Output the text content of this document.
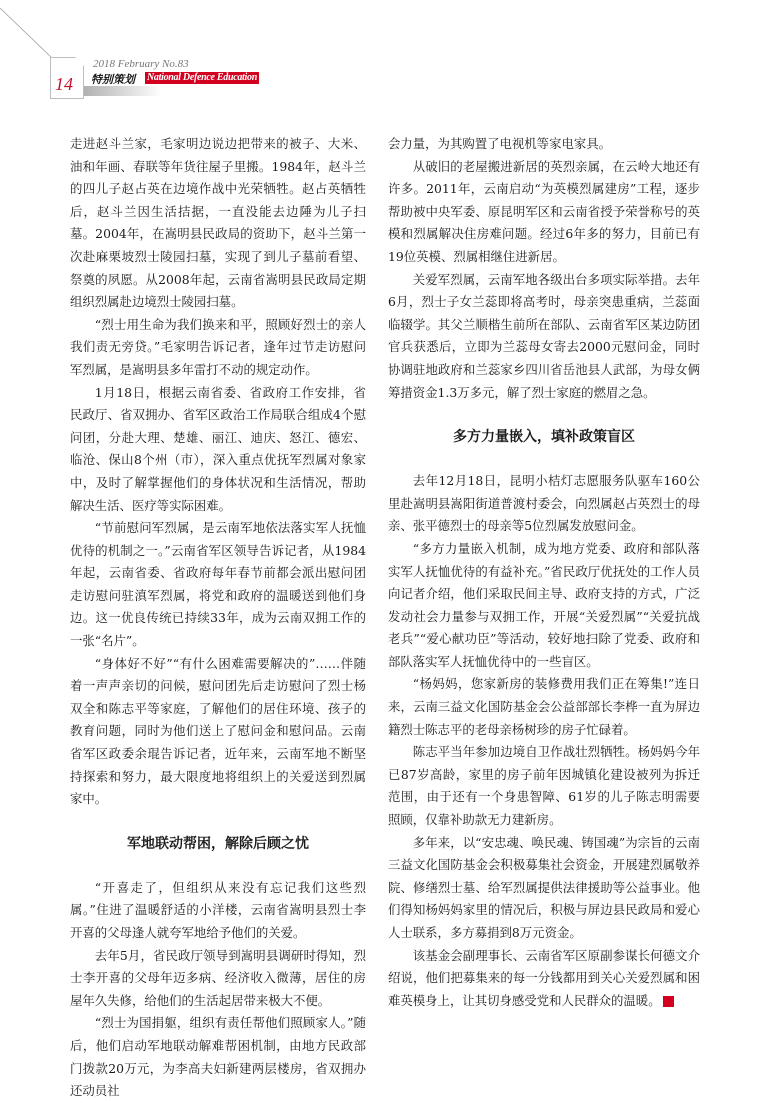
14
2018 February No.83
特别策划 National Defence Education

走进赵斗兰家，毛家明边说边把带来的被子、大米、油和年画、春联等年货往屋子里搬。1984年，赵斗兰的四儿子赵占英在边境作战中光荣牺牲。赵占英牺牲后，赵斗兰因生活拮据，一直没能去边陲为儿子扫墓。2004年，在嵩明县民政局的资助下，赵斗兰第一次赴麻栗坡烈士陵园扫墓，实现了到儿子墓前看望、祭奠的夙愿。从2008年起，云南省嵩明县民政局定期组织烈属赴边境烈士陵园扫墓。

“烈士用生命为我们换来和平，照顾好烈士的亲人我们责无旁贷。”毛家明告诉记者，逢年过节走访慰问军烈属，是嵩明县多年雷打不动的规定动作。

1月18日，根据云南省委、省政府工作安排，省民政厅、省双拥办、省军区政治工作局联合组成4个慰问团，分赴大理、楚雄、丽江、迪庆、怒江、德宏、临沧、保山8个州（市），深入重点优抚军烈属对象家中，及时了解掌握他们的身体状况和生活情况，帮助解决生活、医疗等实际困难。

“节前慰问军烈属，是云南军地依法落实军人抚恤优待的机制之一。”云南省军区领导告诉记者，从1984年起，云南省委、省政府每年春节前都会派出慰问团走访慰问驻滇军烈属，将党和政府的温暖送到他们身边。这一优良传统已持续33年，成为云南双拥工作的一张“名片”。

“身体好不好”“有什么困难需要解决的”……伴随着一声声亲切的问候，慰问团先后走访慰问了烈士杨双全和陈志平等家庭，了解他们的居住环境、孩子的教育问题，同时为他们送上了慰问金和慰问品。云南省军区政委余琨告诉记者，近年来，云南军地不断坚持探索和努力，最大限度地将组织上的关爱送到烈属家中。

军地联动帮困，解除后顾之忧

“开喜走了，但组织从来没有忘记我们这些烈属。”住进了温暖舒适的小洋楼，云南省嵩明县烈士李开喜的父母逢人就夸军地给予他们的关爱。

去年5月，省民政厅领导到嵩明县调研时得知，烈士李开喜的父母年迈多病、经济收入微薄，居住的房屋年久失修，给他们的生活起居带来极大不便。

“烈士为国捐躯，组织有责任帮他们照顾家人。”随后，他们启动军地联动解难帮困机制，由地方民政部门拨款20万元，为李高夫妇新建两层楼房，省双拥办还动员社

会力量，为其购置了电视机等家电家具。

从破旧的老屋搬进新居的英烈亲属，在云岭大地还有许多。2011年，云南启动“为英模烈属建房”工程，逐步帮助被中央军委、原昆明军区和云南省授予荣誉称号的英模和烈属解决住房难问题。经过6年多的努力，目前已有19位英模、烈属相继住进新居。

关爱军烈属，云南军地各级出台多项实际举措。去年6月，烈士子女兰蕊即将高考时，母亲突患重病，兰蕊面临辍学。其父兰顺楷生前所在部队、云南省军区某边防团官兵获悉后，立即为兰蕊母女寄去2000元慰问金，同时协调驻地政府和兰蕊家乡四川省岳池县人武部，为母女俩筹措资金1.3万多元，解了烈士家庭的燃眉之急。

多方力量嵌入，填补政策盲区

去年12月18日，昆明小桔灯志愿服务队驱车160公里赴嵩明县嵩阳街道普渡村委会，向烈属赵占英烈士的母亲、张平德烈士的母亲等5位烈属发放慰问金。

“多方力量嵌入机制，成为地方党委、政府和部队落实军人抚恤优待的有益补充。”省民政厅优抚处的工作人员向记者介绍，他们采取民间主导、政府支持的方式，广泛发动社会力量参与双拥工作，开展“关爱烈属”“关爱抗战老兵”“爱心献功臣”等活动，较好地扫除了党委、政府和部队落实军人抚恤优待中的一些盲区。

“杨妈妈，您家新房的装修费用我们正在筹集!”连日来，云南三益文化国防基金会公益部部长李桦一直为屏边籍烈士陈志平的老母亲杨树珍的房子忙碌着。

陈志平当年参加边境自卫作战壮烈牺牲。杨妈妈今年已87岁高龄，家里的房子前年因城镇化建设被列为拆迁范围，由于还有一个身患智障、61岁的儿子陈志明需要照顾，仅靠补助款无力建新房。

多年来，以“安忠魂、唤民魂、铸国魂”为宗旨的云南三益文化国防基金会积极募集社会资金，开展建烈属敬养院、修缮烈士墓、给军烈属提供法律援助等公益事业。他们得知杨妈妈家里的情况后，积极与屏边县民政局和爱心人士联系，多方募捐到8万元资金。

该基金会副理事长、云南省军区原副参谋长何德文介绍说，他们把募集来的每一分钱都用到关心关爱烈属和困难英模身上，让其切身感受党和人民群众的温暖。	G
